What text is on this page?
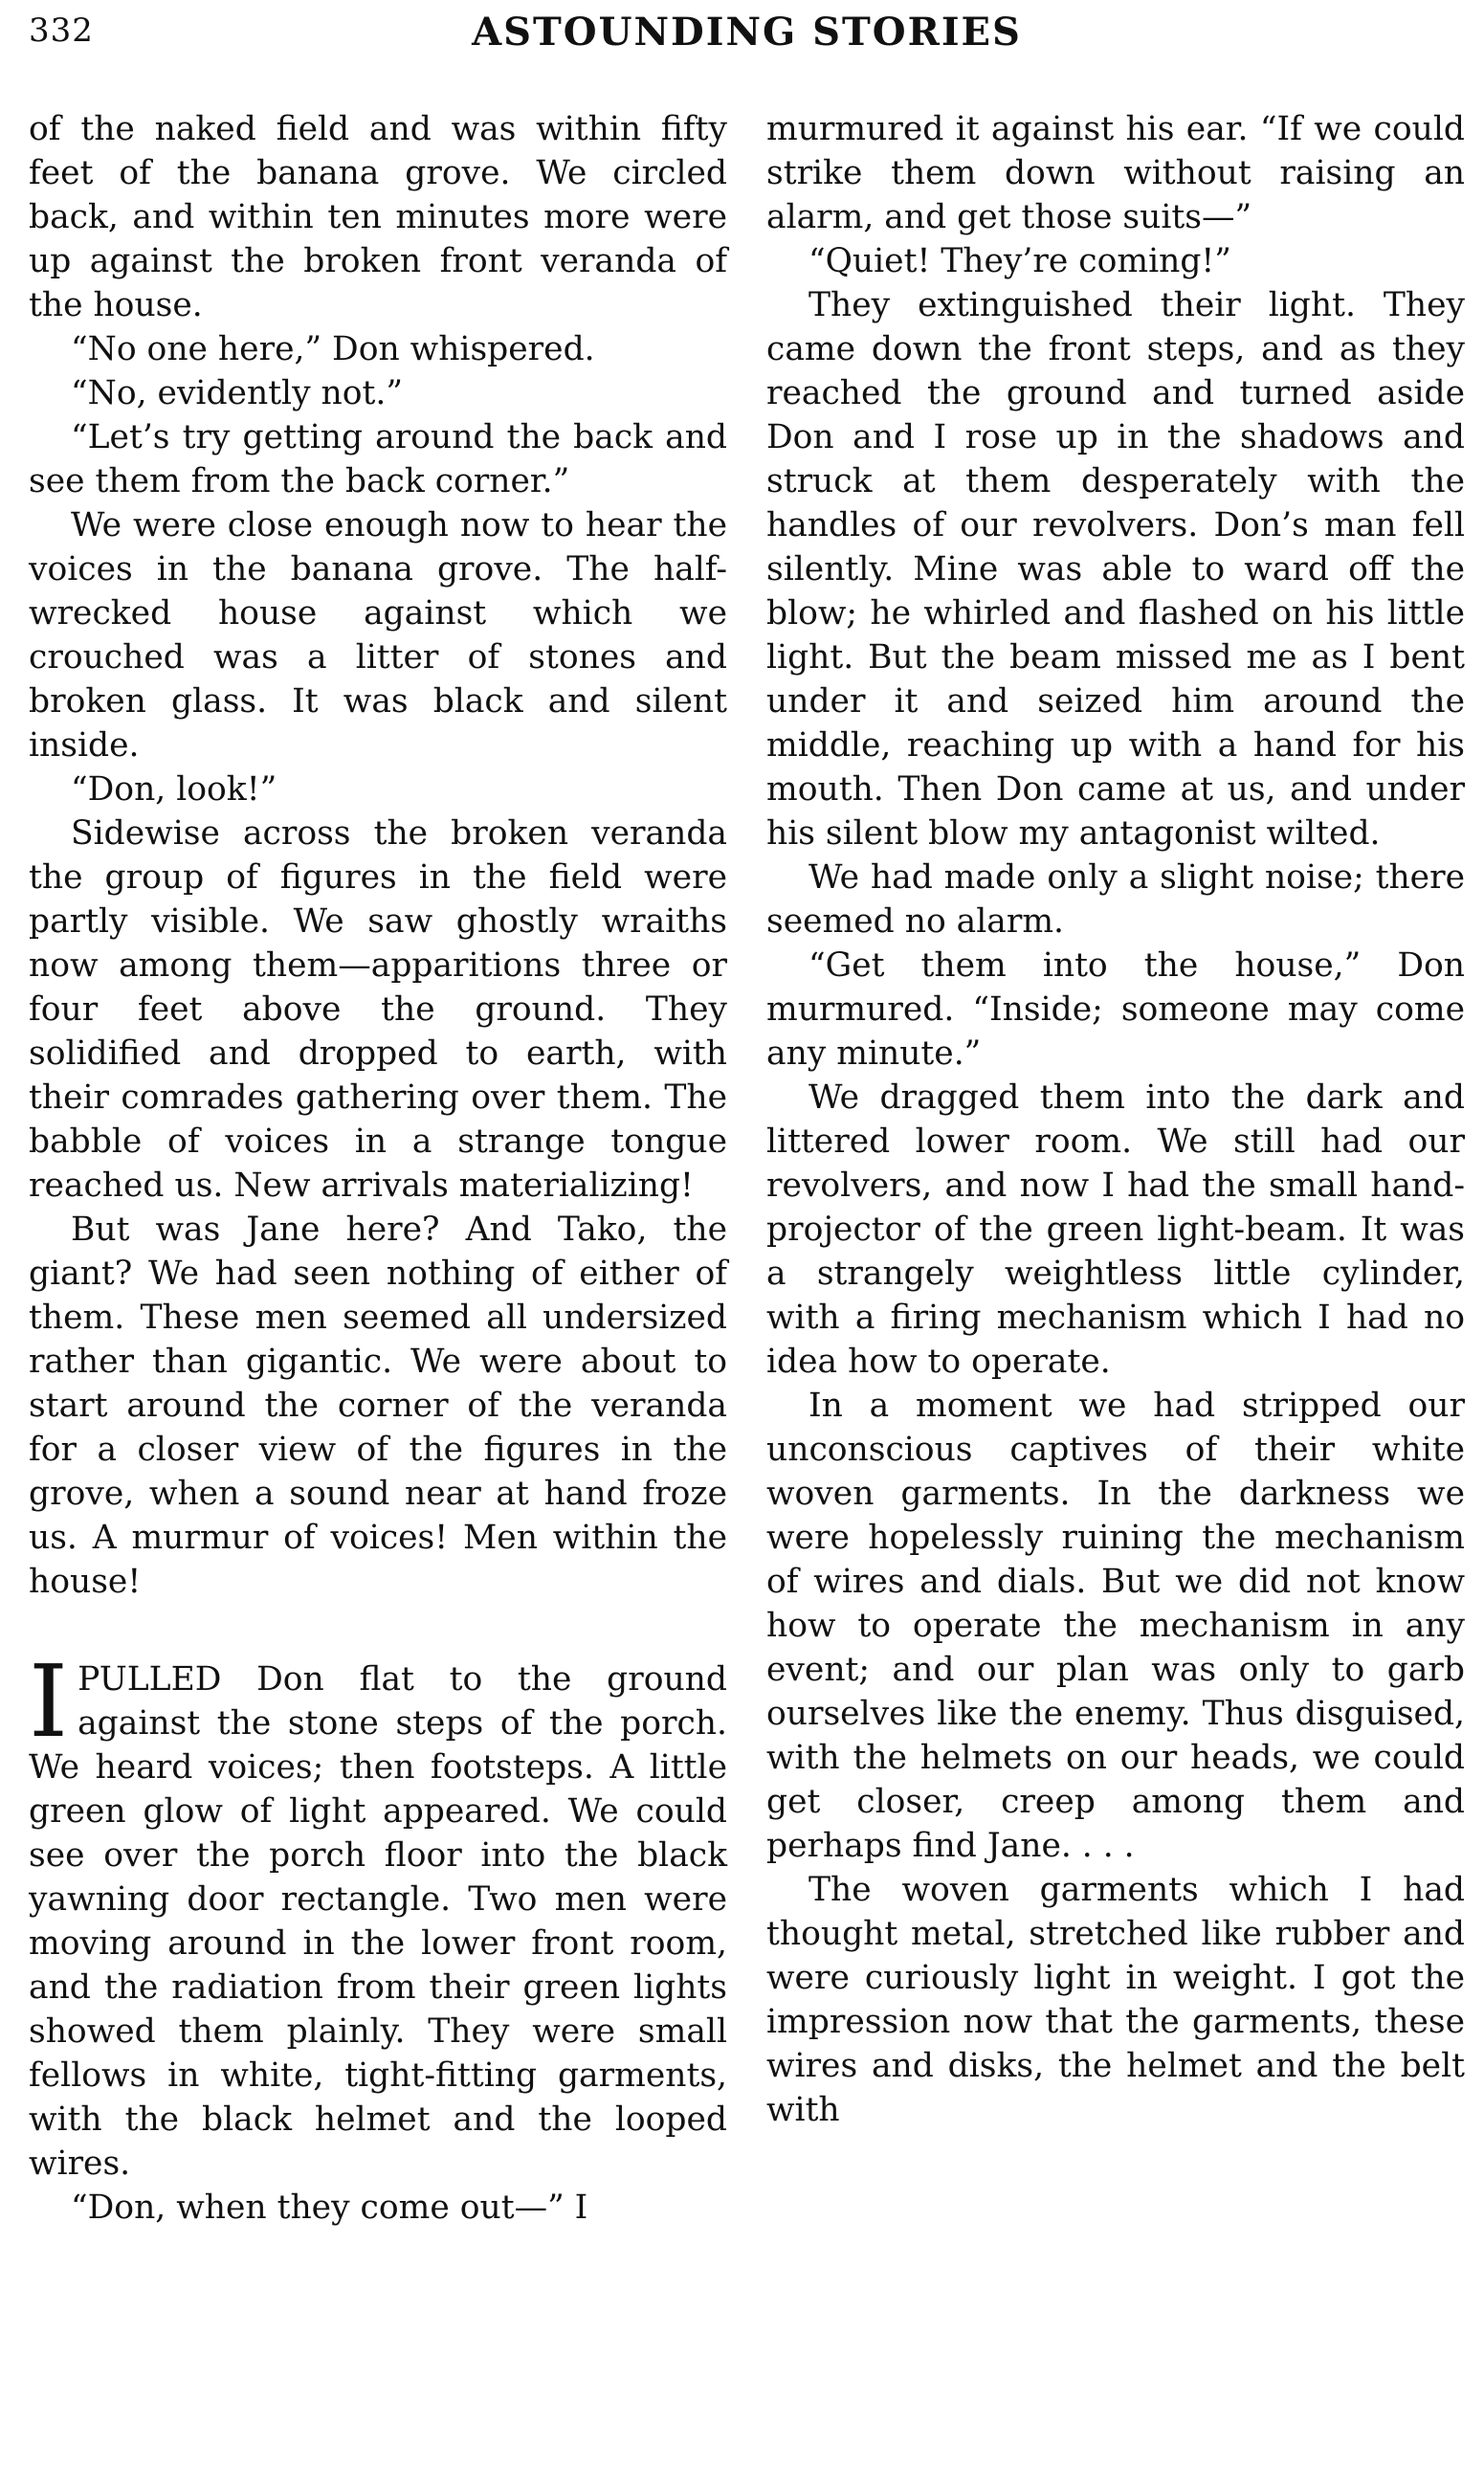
332	ASTOUNDING STORIES

of the naked field and was within fifty feet of the banana grove. We circled back, and within ten minutes more were up against the broken front veranda of the house.

“No one here,” Don whispered.

“No, evidently not.”

“Let’s try getting around the back and see them from the back corner.”

We were close enough now to hear the voices in the banana grove. The half-wrecked house against which we crouched was a litter of stones and broken glass. It was black and silent inside.

“Don, look!”

Sidewise across the broken veranda the group of figures in the field were partly visible. We saw ghostly wraiths now among them—apparitions three or four feet above the ground. They solidified and dropped to earth, with their comrades gathering over them. The babble of voices in a strange tongue reached us. New arrivals materializing!

But was Jane here? And Tako, the giant? We had seen nothing of either of them. These men seemed all undersized rather than gigantic. We were about to start around the corner of the veranda for a closer view of the figures in the grove, when a sound near at hand froze us. A murmur of voices! Men within the house!

IPULLED Don flat to the ground against the stone steps of the porch. We heard voices; then footsteps. A little green glow of light appeared. We could see over the porch floor into the black yawning door rectangle. Two men were moving around in the lower front room, and the radiation from their green lights showed them plainly. They were small fellows in white, tight-fitting garments, with the black helmet and the looped wires.

“Don, when they come out—” I

murmured it against his ear. “If we could strike them down without raising an alarm, and get those suits—”

“Quiet! They’re coming!”

They extinguished their light. They came down the front steps, and as they reached the ground and turned aside Don and I rose up in the shadows and struck at them desperately with the handles of our revolvers. Don’s man fell silently. Mine was able to ward off the blow; he whirled and flashed on his little light. But the beam missed me as I bent under it and seized him around the middle, reaching up with a hand for his mouth. Then Don came at us, and under his silent blow my antagonist wilted.

We had made only a slight noise; there seemed no alarm.

“Get them into the house,” Don murmured. “Inside; someone may come any minute.”

We dragged them into the dark and littered lower room. We still had our revolvers, and now I had the small hand-projector of the green light-beam. It was a strangely weightless little cylinder, with a firing mechanism which I had no idea how to operate.

In a moment we had stripped our unconscious captives of their white woven garments. In the darkness we were hopelessly ruining the mechanism of wires and dials. But we did not know how to operate the mechanism in any event; and our plan was only to garb ourselves like the enemy. Thus disguised, with the helmets on our heads, we could get closer, creep among them and perhaps find Jane. . . .

The woven garments which I had thought metal, stretched like rubber and were curiously light in weight. I got the impression now that the garments, these wires and disks, the helmet and the belt with
